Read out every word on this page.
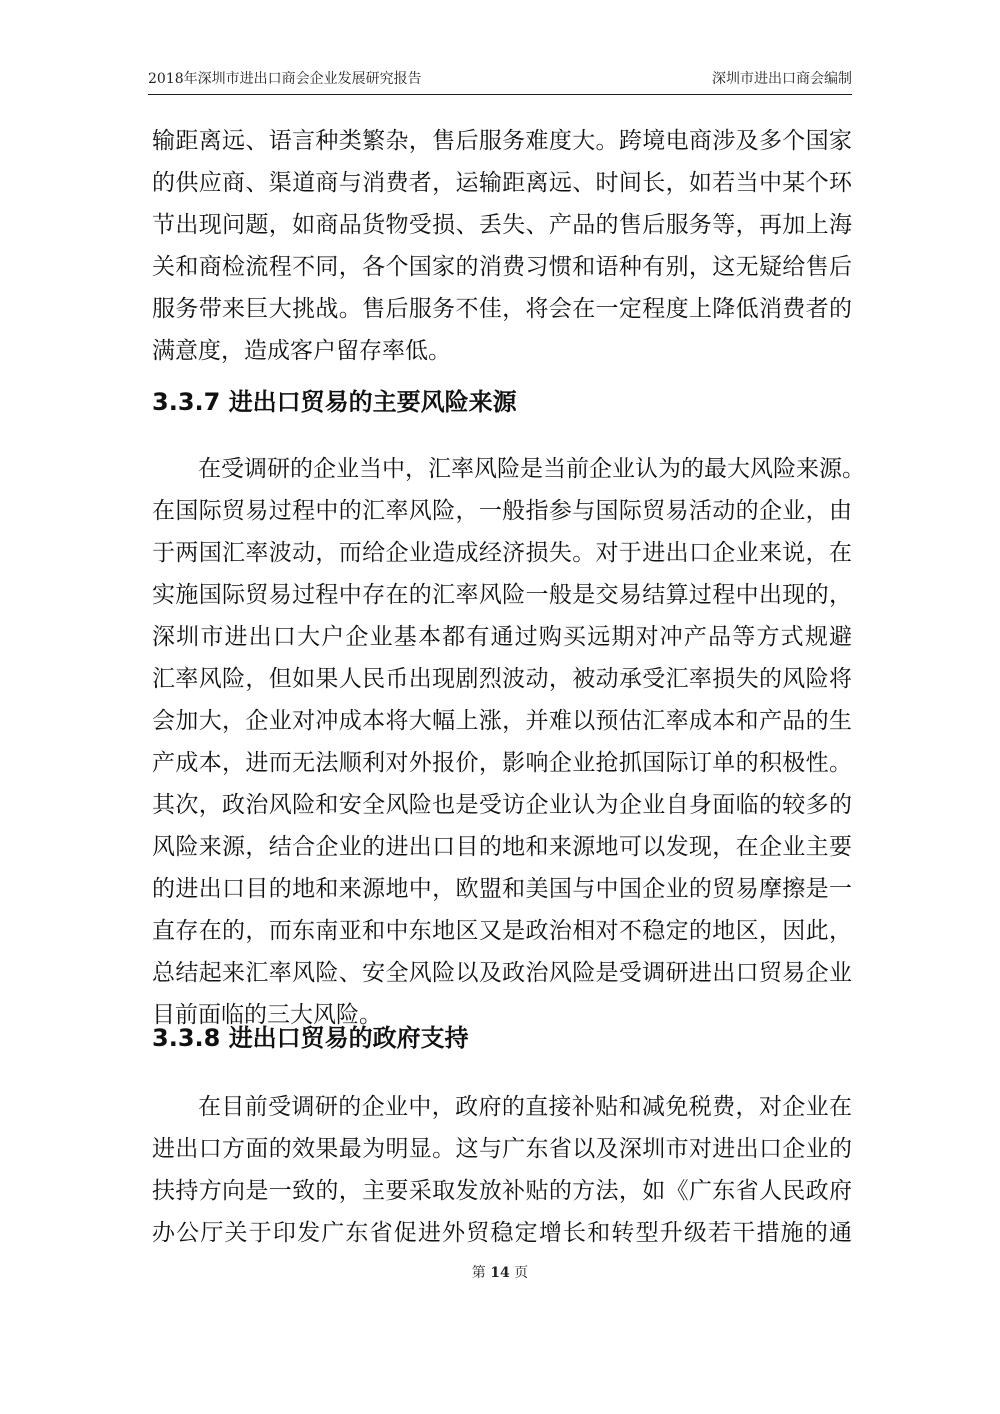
2018年深圳市进出口商会企业发展研究报告	深圳市进出口商会编制
输距离远、语言种类繁杂，售后服务难度大。跨境电商涉及多个国家
的供应商、渠道商与消费者，运输距离远、时间长，如若当中某个环
节出现问题，如商品货物受损、丢失、产品的售后服务等，再加上海
关和商检流程不同，各个国家的消费习惯和语种有别，这无疑给售后
服务带来巨大挑战。售后服务不佳，将会在一定程度上降低消费者的
满意度，造成客户留存率低。
3.3.7 进出口贸易的主要风险来源
在受调研的企业当中，汇率风险是当前企业认为的最大风险来源。
在国际贸易过程中的汇率风险，一般指参与国际贸易活动的企业，由
于两国汇率波动，而给企业造成经济损失。对于进出口企业来说，在
实施国际贸易过程中存在的汇率风险一般是交易结算过程中出现的，
深圳市进出口大户企业基本都有通过购买远期对冲产品等方式规避
汇率风险，但如果人民币出现剧烈波动，被动承受汇率损失的风险将
会加大，企业对冲成本将大幅上涨，并难以预估汇率成本和产品的生
产成本，进而无法顺利对外报价，影响企业抢抓国际订单的积极性。
其次，政治风险和安全风险也是受访企业认为企业自身面临的较多的
风险来源，结合企业的进出口目的地和来源地可以发现，在企业主要
的进出口目的地和来源地中，欧盟和美国与中国企业的贸易摩擦是一
直存在的，而东南亚和中东地区又是政治相对不稳定的地区，因此，
总结起来汇率风险、安全风险以及政治风险是受调研进出口贸易企业
目前面临的三大风险。
3.3.8 进出口贸易的政府支持
在目前受调研的企业中，政府的直接补贴和减免税费，对企业在
进出口方面的效果最为明显。这与广东省以及深圳市对进出口企业的
扶持方向是一致的，主要采取发放补贴的方法，如《广东省人民政府
办公厅关于印发广东省促进外贸稳定增长和转型升级若干措施的通
第 14 页
